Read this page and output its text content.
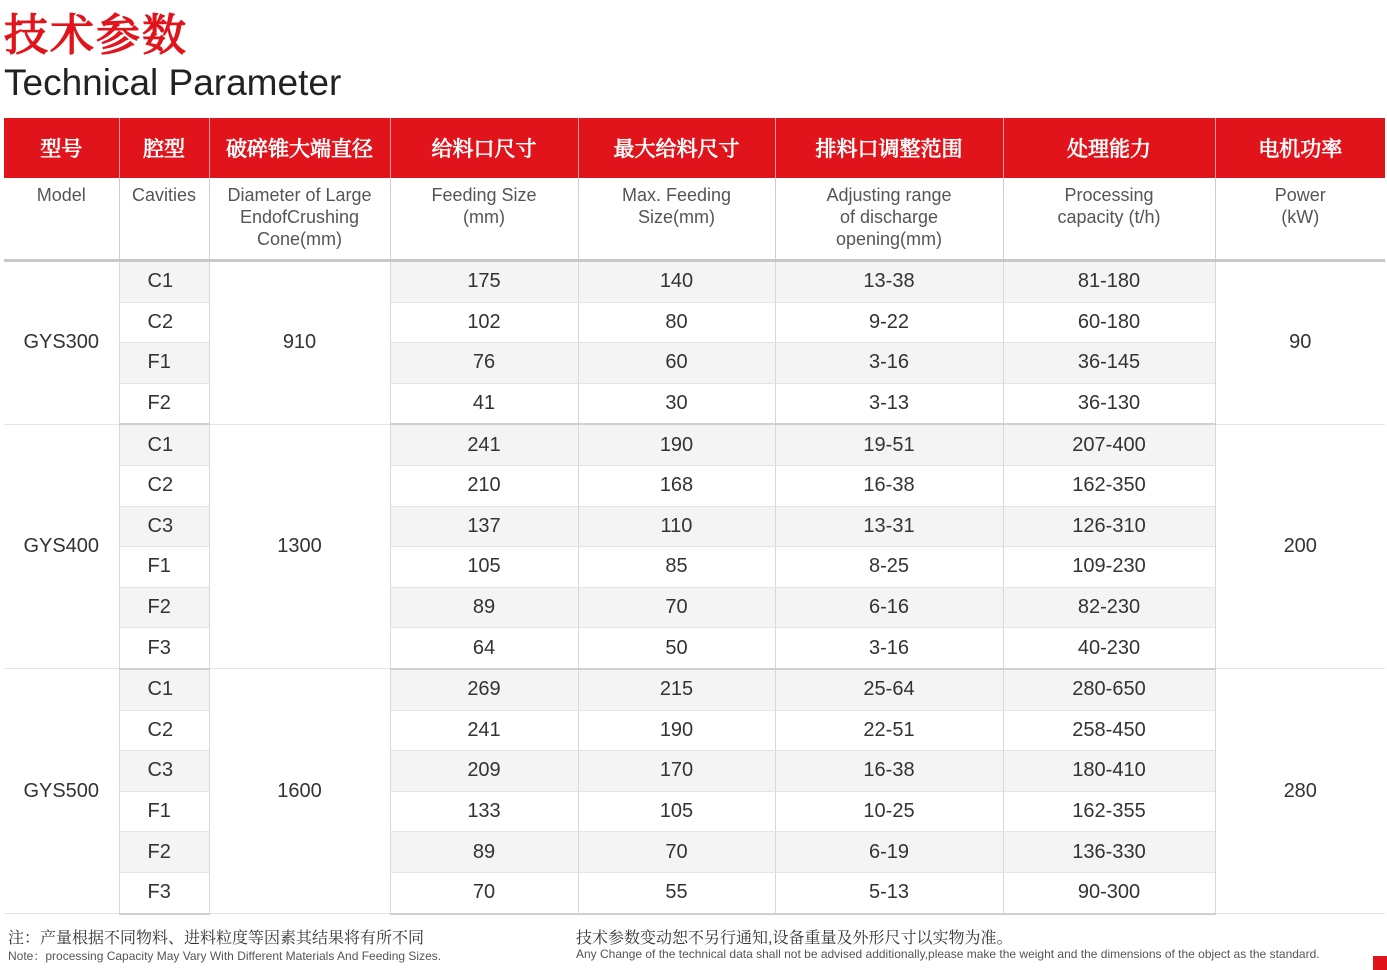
技术参数
Technical Parameter
型号	腔型	破碎锥大端直径	给料口尺寸	最大给料尺寸	排料口调整范围	处理能力	电机功率
Model	Cavities	Diameter of Large EndofCrushing Cone(mm)	Feeding Size (mm)	Max. Feeding Size(mm)	Adjusting range of discharge opening(mm)	Processing capacity (t/h)	Power (kW)
GYS300	C1	910	175	140	13-38	81-180	90
	C2		102	80	9-22	60-180	
	F1		76	60	3-16	36-145	
	F2		41	30	3-13	36-130	
GYS400	C1	1300	241	190	19-51	207-400	200
	C2		210	168	16-38	162-350	
	C3		137	110	13-31	126-310	
	F1		105	85	8-25	109-230	
	F2		89	70	6-16	82-230	
	F3		64	50	3-16	40-230	
GYS500	C1	1600	269	215	25-64	280-650	280
	C2		241	190	22-51	258-450	
	C3		209	170	16-38	180-410	
	F1		133	105	10-25	162-355	
	F2		89	70	6-19	136-330	
	F3		70	55	5-13	90-300	
注：产量根据不同物料、进料粒度等因素其结果将有所不同
Note：processing Capacity May Vary With Different Materials And Feeding Sizes.
技术参数变动恕不另行通知,设备重量及外形尺寸以实物为准。
Any Change of the technical data shall not be advised additionally,please make the weight and the dimensions of the object as the standard.
